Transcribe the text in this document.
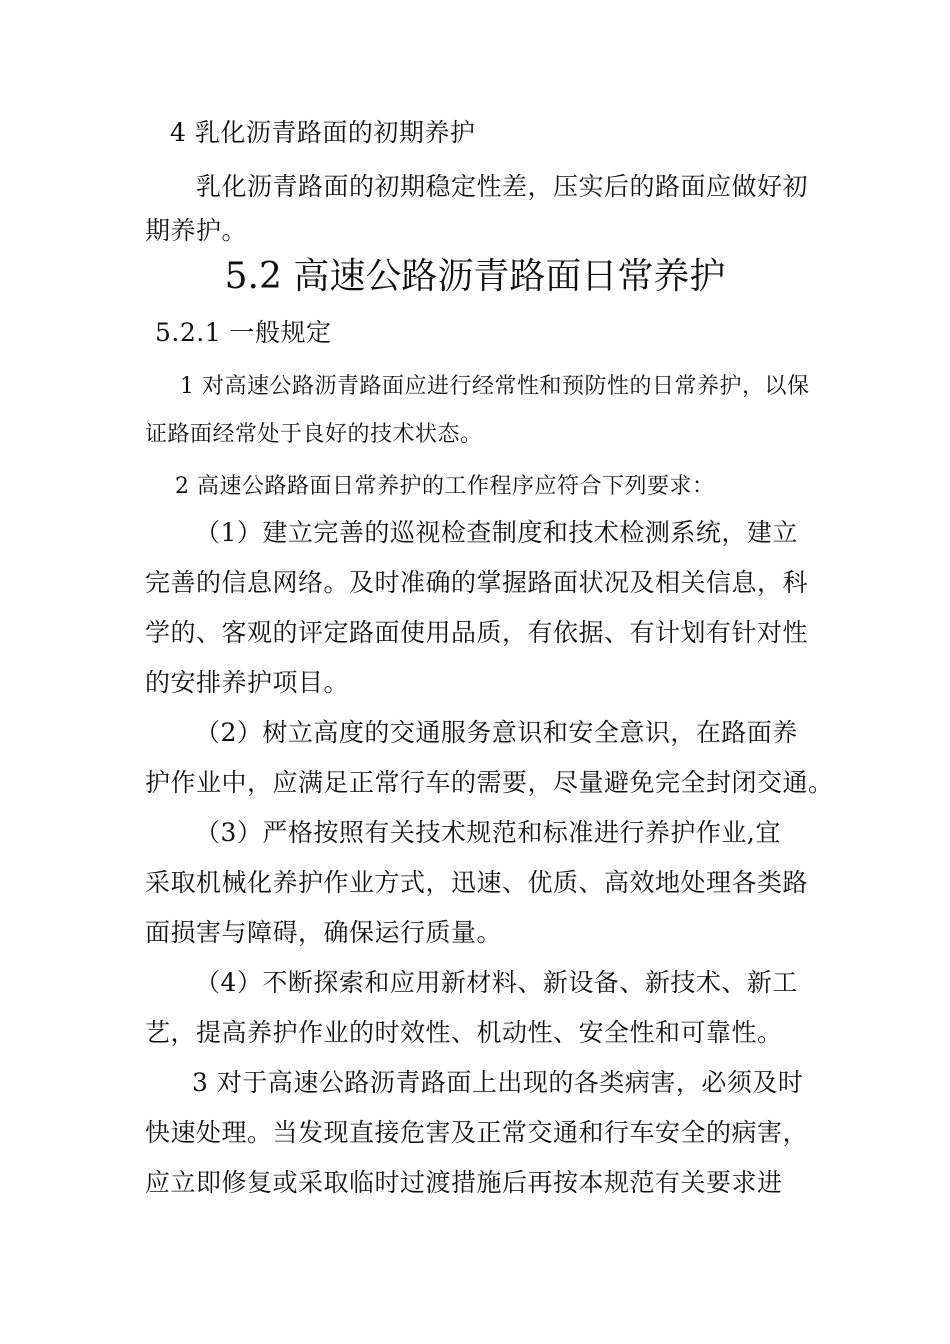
4 乳化沥青路面的初期养护
乳化沥青路面的初期稳定性差，压实后的路面应做好初
期养护。
5.2 高速公路沥青路面日常养护
5.2.1 一般规定
1 对高速公路沥青路面应进行经常性和预防性的日常养护，以保
证路面经常处于良好的技术状态。
2 高速公路路面日常养护的工作程序应符合下列要求：
（1）建立完善的巡视检查制度和技术检测系统，建立
完善的信息网络。及时准确的掌握路面状况及相关信息，科
学的、客观的评定路面使用品质，有依据、有计划有针对性
的安排养护项目。
（2）树立高度的交通服务意识和安全意识，在路面养
护作业中，应满足正常行车的需要，尽量避免完全封闭交通。
（3）严格按照有关技术规范和标准进行养护作业,宜
采取机械化养护作业方式，迅速、优质、高效地处理各类路
面损害与障碍，确保运行质量。
（4）不断探索和应用新材料、新设备、新技术、新工
艺，提高养护作业的时效性、机动性、安全性和可靠性。
3 对于高速公路沥青路面上出现的各类病害，必须及时
快速处理。当发现直接危害及正常交通和行车安全的病害，
应立即修复或采取临时过渡措施后再按本规范有关要求进
